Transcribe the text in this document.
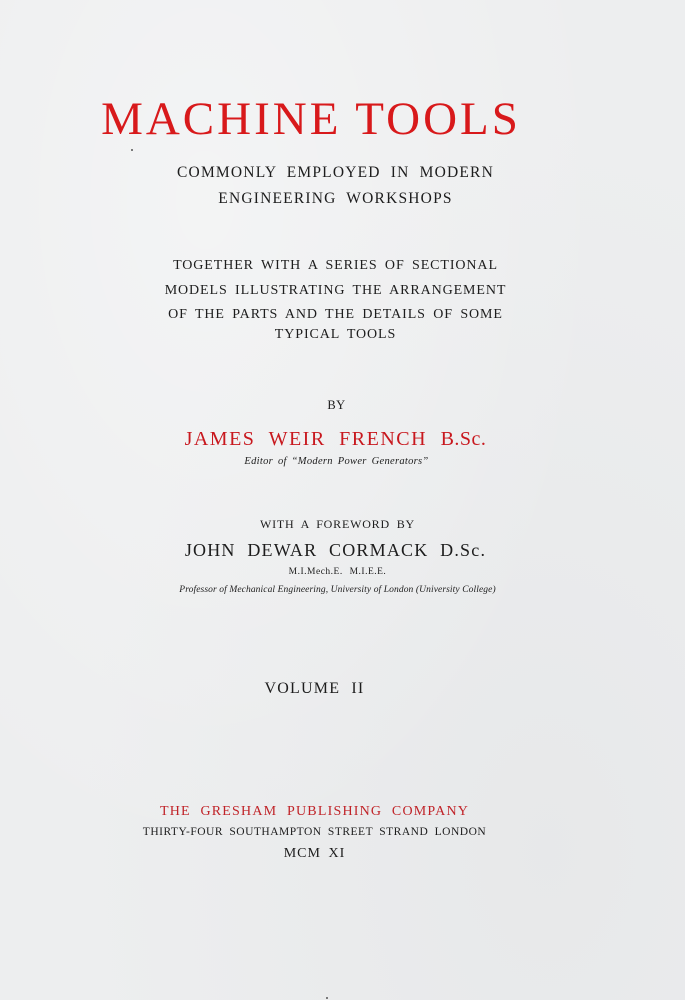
MACHINE TOOLS
COMMONLY EMPLOYED IN MODERN
ENGINEERING WORKSHOPS
TOGETHER WITH A SERIES OF SECTIONAL
MODELS ILLUSTRATING THE ARRANGEMENT
OF THE PARTS AND THE DETAILS OF SOME
TYPICAL TOOLS
BY
JAMES WEIR FRENCH B.Sc.
Editor of “Modern Power Generators”
WITH A FOREWORD BY
JOHN DEWAR CORMACK D.Sc.
M.I.Mech.E. M.I.E.E.
Professor of Mechanical Engineering, University of London (University College)
VOLUME II
THE GRESHAM PUBLISHING COMPANY
THIRTY-FOUR SOUTHAMPTON STREET STRAND LONDON
MCM XI
